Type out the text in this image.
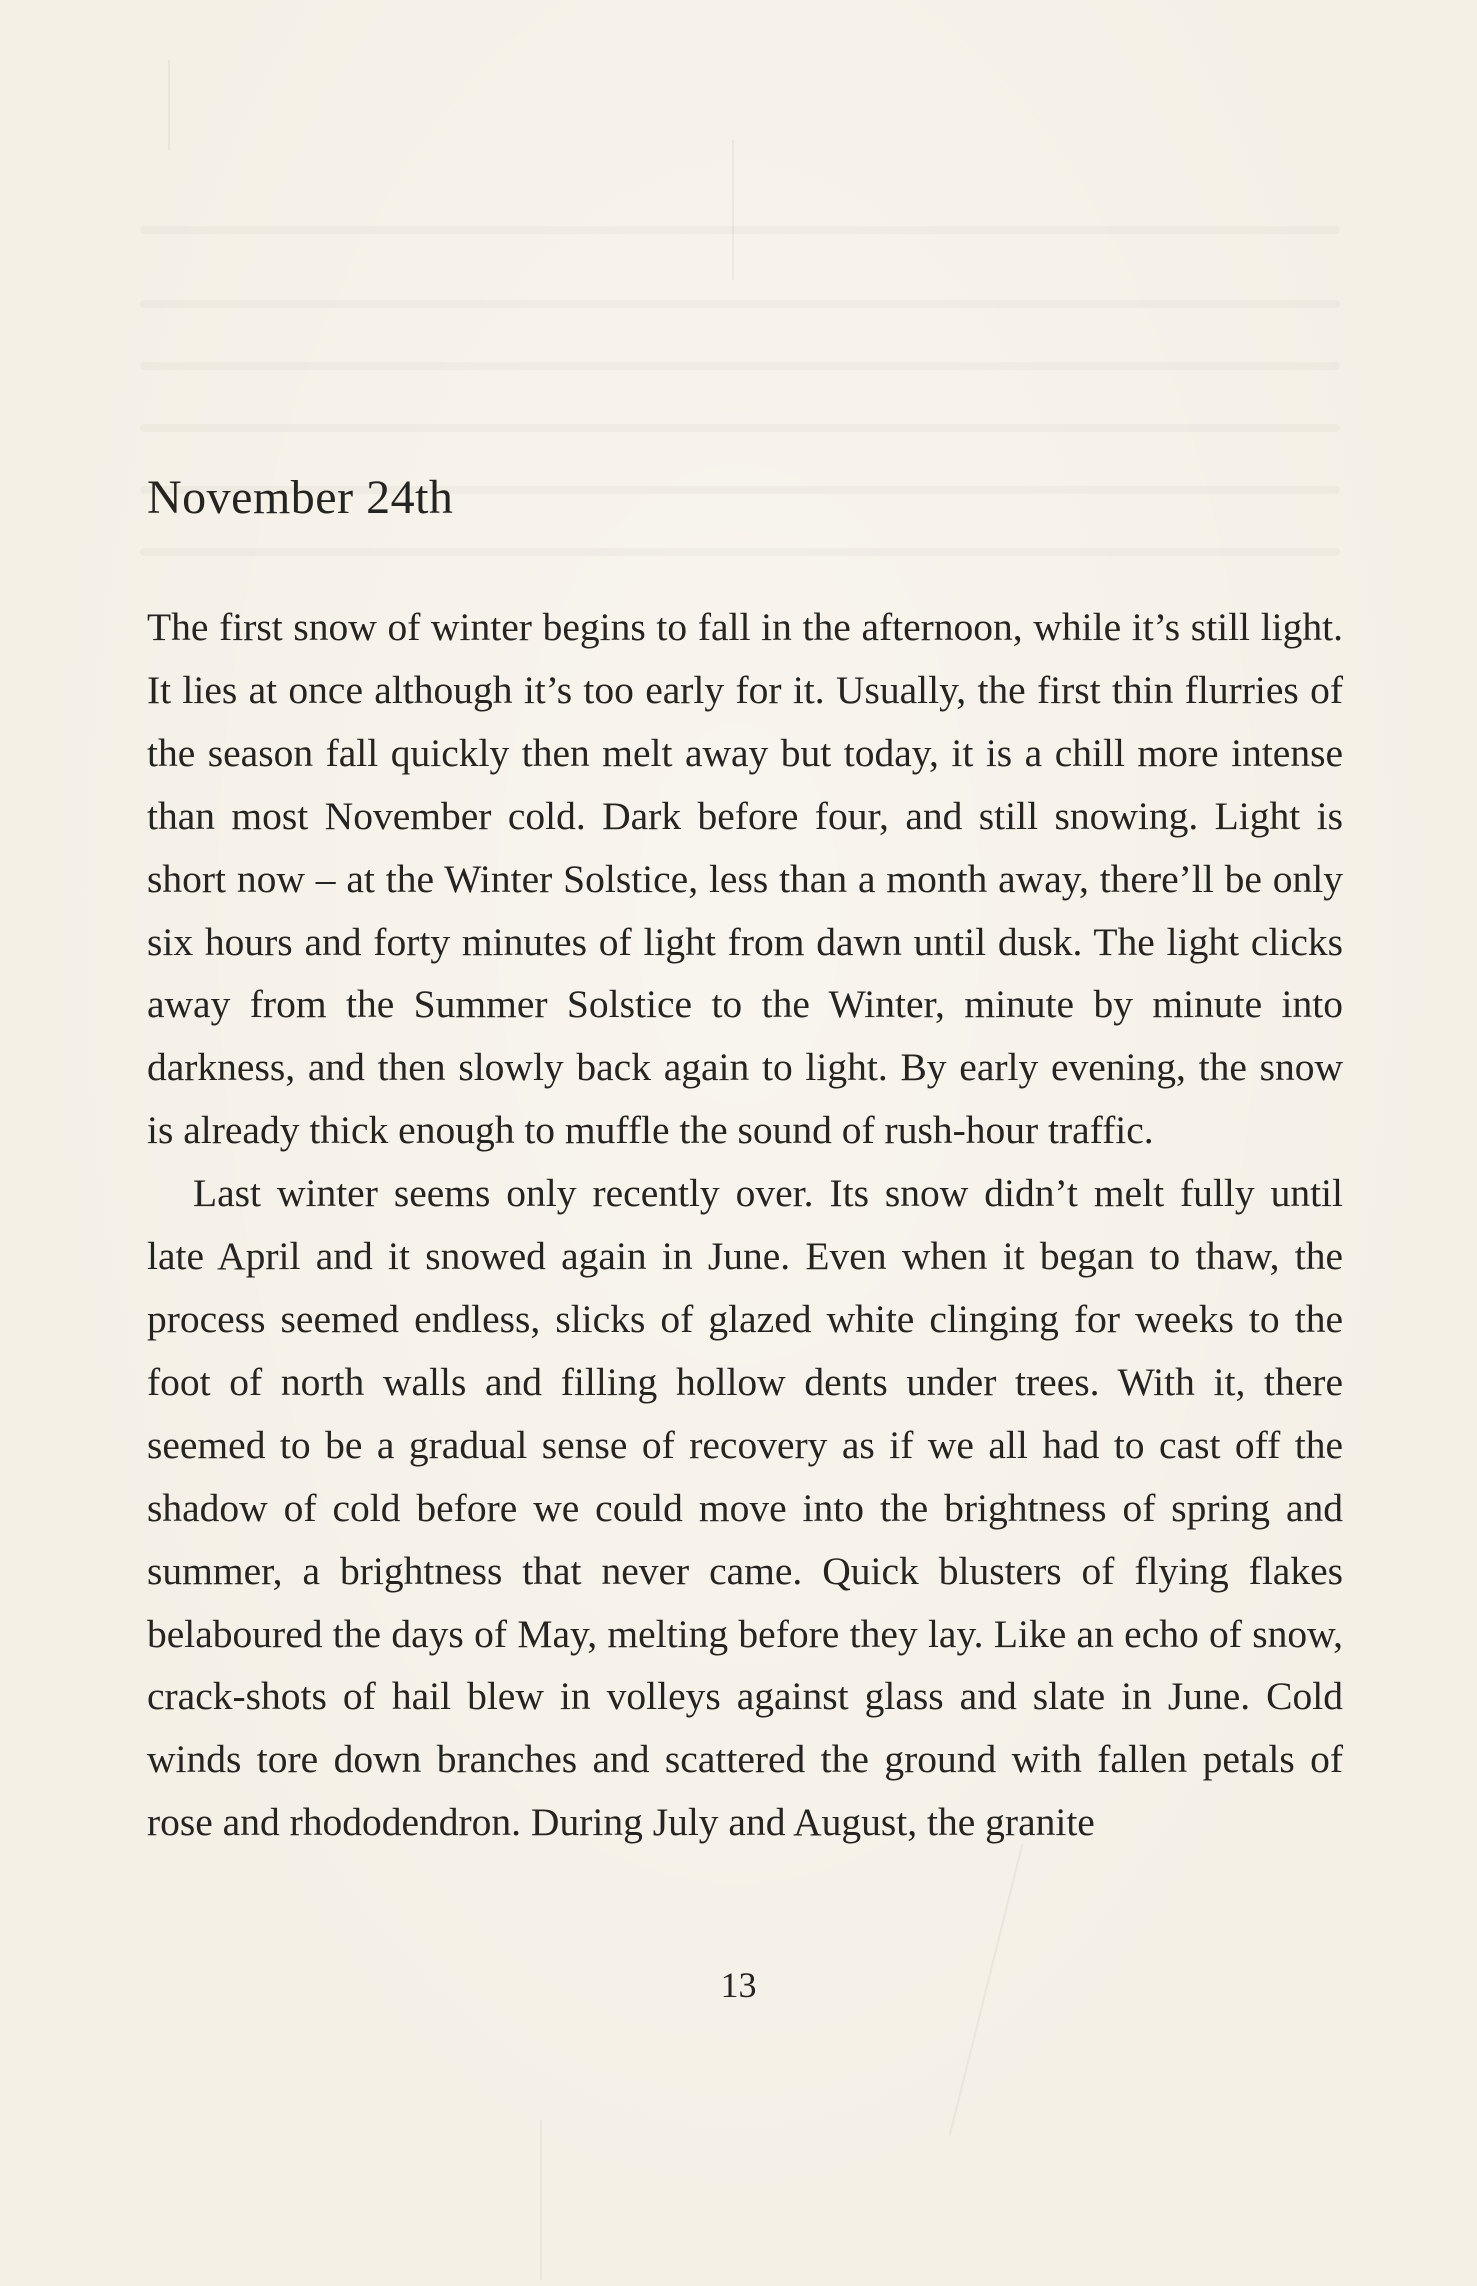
November 24th

The first snow of winter begins to fall in the afternoon, while it’s still light. It lies at once although it’s too early for it. Usually, the first thin flurries of the season fall quickly then melt away but today, it is a chill more intense than most November cold. Dark before four, and still snowing. Light is short now – at the Winter Solstice, less than a month away, there’ll be only six hours and forty minutes of light from dawn until dusk. The light clicks away from the Summer Solstice to the Winter, minute by minute into darkness, and then slowly back again to light. By early evening, the snow is already thick enough to muffle the sound of rush-hour traffic.

Last winter seems only recently over. Its snow didn’t melt fully until late April and it snowed again in June. Even when it began to thaw, the process seemed endless, slicks of glazed white clinging for weeks to the foot of north walls and filling hollow dents under trees. With it, there seemed to be a gradual sense of recovery as if we all had to cast off the shadow of cold before we could move into the brightness of spring and summer, a brightness that never came. Quick blusters of flying flakes belaboured the days of May, melting before they lay. Like an echo of snow, crack-shots of hail blew in volleys against glass and slate in June. Cold winds tore down branches and scattered the ground with fallen petals of rose and rhododendron. During July and August, the granite

13
